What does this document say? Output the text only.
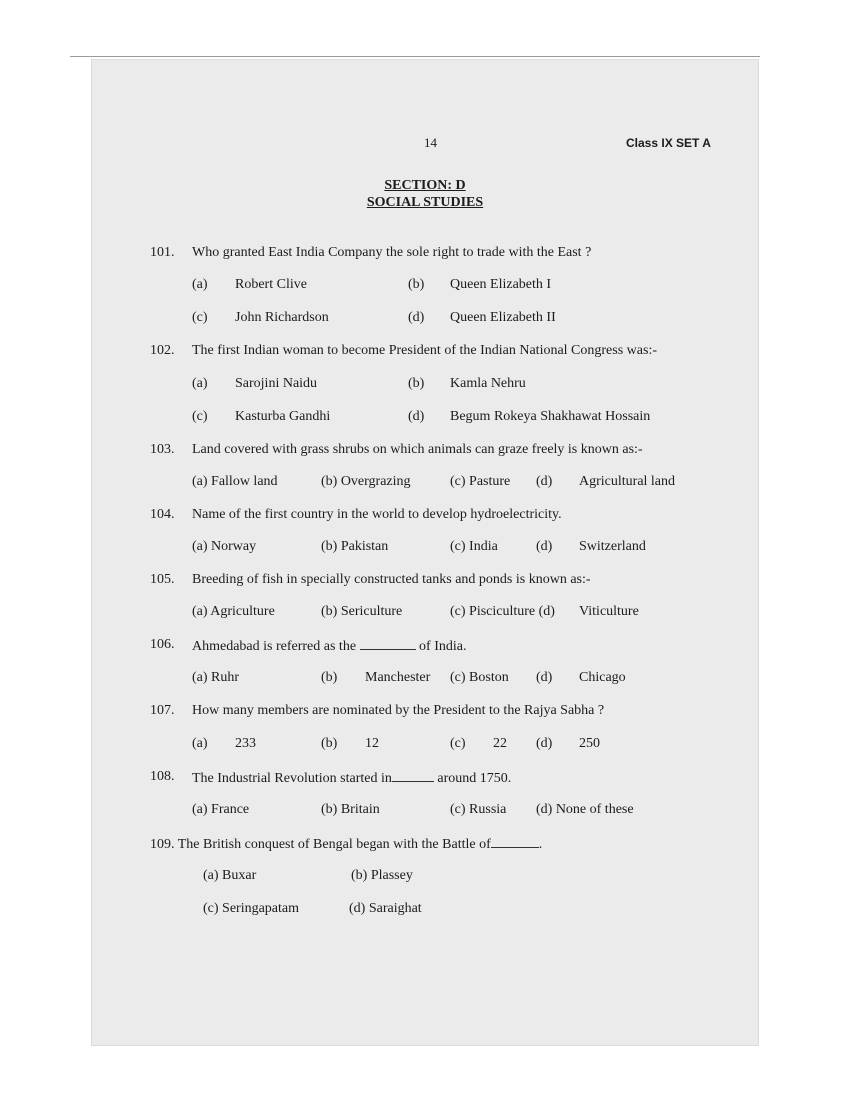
14	Class IX SET A
SECTION: D
SOCIAL STUDIES
101. Who granted East India Company the sole right to trade with the East ?
(a) Robert Clive	(b) Queen Elizabeth I
(c) John Richardson	(d) Queen Elizabeth II
102. The first Indian woman to become President of the Indian National Congress was:-
(a) Sarojini Naidu	(b) Kamla Nehru
(c) Kasturba Gandhi	(d) Begum Rokeya Shakhawat Hossain
103. Land covered with grass shrubs on which animals can graze freely is known as:-
(a) Fallow land	(b) Overgrazing	(c) Pasture (d) Agricultural land
104. Name of the first country in the world to develop hydroelectricity.
(a) Norway	(b) Pakistan	(c) India	(d) Switzerland
105. Breeding of fish in specially constructed tanks and ponds is known as:-
(a) Agriculture	(b) Sericulture	(c) Pisciculture (d) Viticulture
106. Ahmedabad is referred as the	of India.
(a) Ruhr	(b) Manchester (c) Boston (d) Chicago
107. How many members are nominated by the President to the Rajya Sabha ?
(a) 233	(b) 12	(c) 22 (d) 250
108. The Industrial Revolution started in	around 1750.
(a) France	(b) Britain	(c) Russia (d) None of these
109. The British conquest of Bengal began with the Battle of	.
(a) Buxar	(b) Plassey
(c) Seringapatam	(d) Saraighat
